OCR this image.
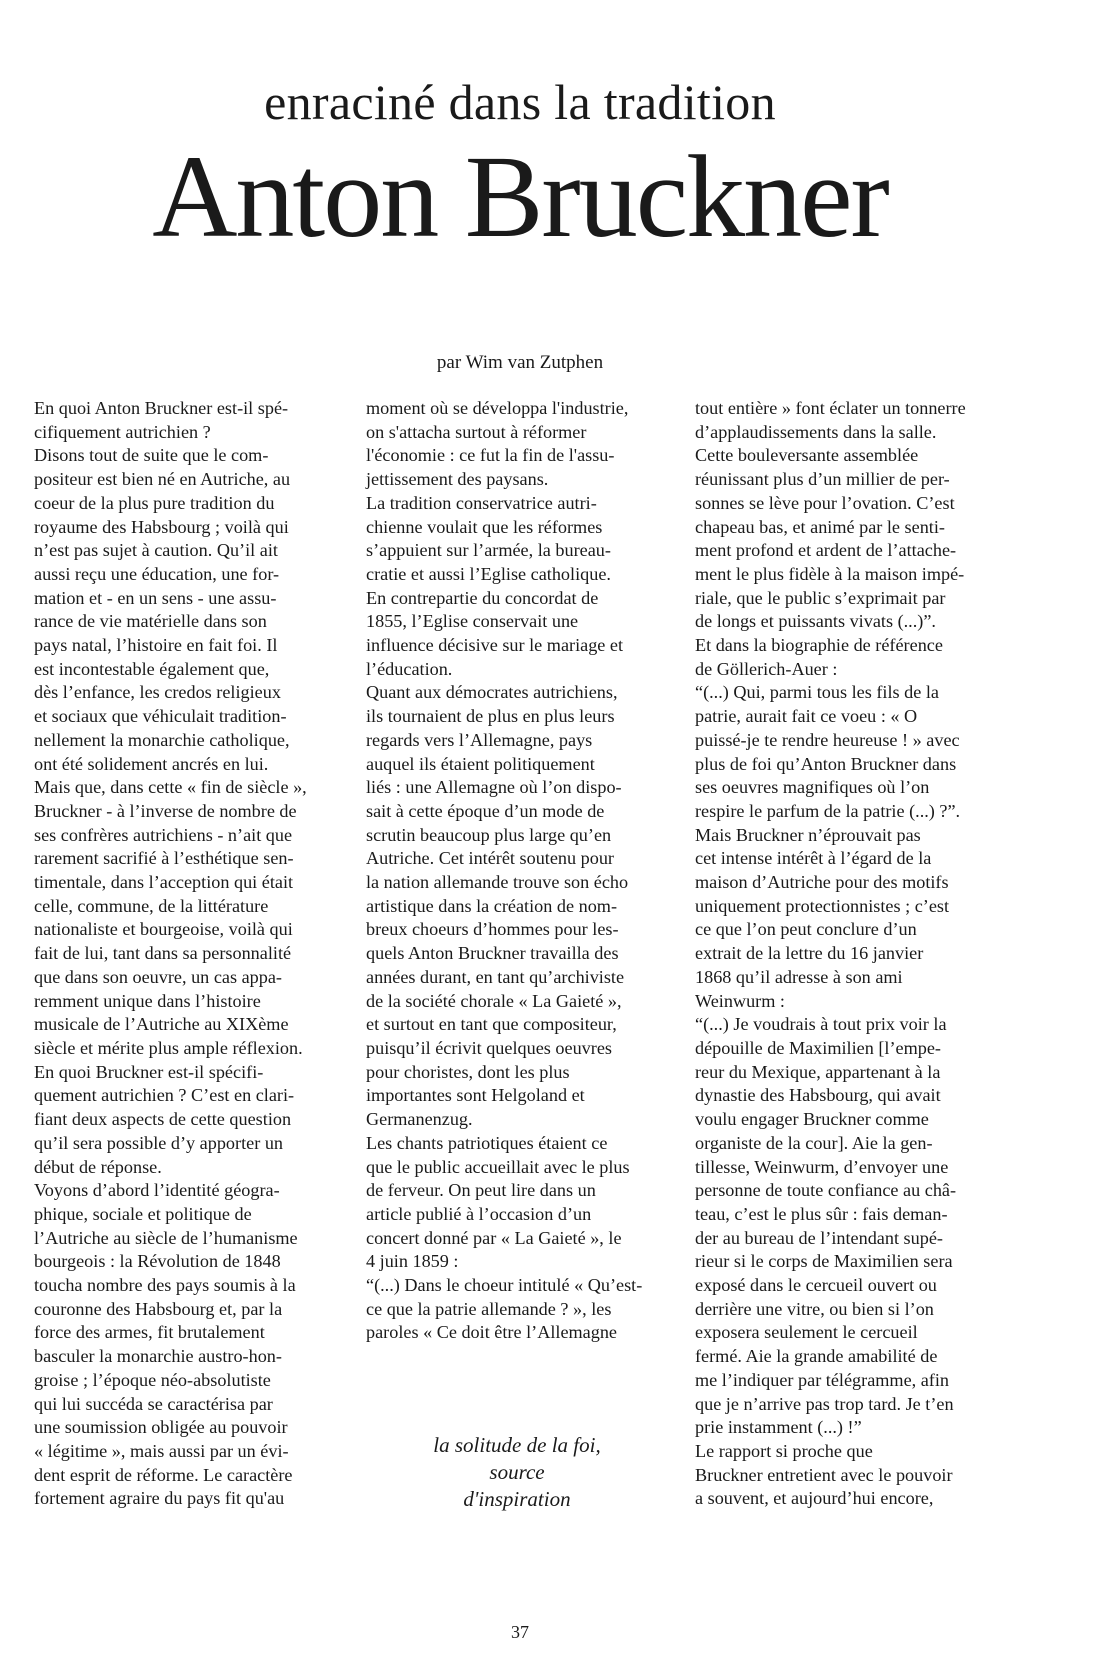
enraciné dans la tradition
Anton Bruckner
par Wim van Zutphen

En quoi Anton Bruckner est-il spé-

cifiquement autrichien ?

Disons tout de suite que le com-

positeur est bien né en Autriche, au

coeur de la plus pure tradition du

royaume des Habsbourg ; voilà qui

n’est pas sujet à caution. Qu’il ait

aussi reçu une éducation, une for-

mation et - en un sens - une assu-

rance de vie matérielle dans son

pays natal, l’histoire en fait foi. Il

est incontestable également que,

dès l’enfance, les credos religieux

et sociaux que véhiculait tradition-

nellement la monarchie catholique,

ont été solidement ancrés en lui.

Mais que, dans cette « fin de siècle »,

Bruckner - à l’inverse de nombre de

ses confrères autrichiens - n’ait que

rarement sacrifié à l’esthétique sen-

timentale, dans l’acception qui était

celle, commune, de la littérature

nationaliste et bourgeoise, voilà qui

fait de lui, tant dans sa personnalité

que dans son oeuvre, un cas appa-

remment unique dans l’histoire

musicale de l’Autriche au XIXème

siècle et mérite plus ample réflexion.

En quoi Bruckner est-il spécifi-

quement autrichien ? C’est en clari-

fiant deux aspects de cette question

qu’il sera possible d’y apporter un

début de réponse.

Voyons d’abord l’identité géogra-

phique, sociale et politique de

l’Autriche au siècle de l’humanisme

bourgeois : la Révolution de 1848

toucha nombre des pays soumis à la

couronne des Habsbourg et, par la

force des armes, fit brutalement

basculer la monarchie austro-hon-

groise ; l’époque néo-absolutiste

qui lui succéda se caractérisa par

une soumission obligée au pouvoir

« légitime », mais aussi par un évi-

dent esprit de réforme. Le caractère

fortement agraire du pays fit qu'au

moment où se développa l'industrie,

on s'attacha surtout à réformer

l'économie : ce fut la fin de l'assu-

jettissement des paysans.

La tradition conservatrice autri-

chienne voulait que les réformes

s’appuient sur l’armée, la bureau-

cratie et aussi l’Eglise catholique.

En contrepartie du concordat de

1855, l’Eglise conservait une

influence décisive sur le mariage et

l’éducation.

Quant aux démocrates autrichiens,

ils tournaient de plus en plus leurs

regards vers l’Allemagne, pays

auquel ils étaient politiquement

liés : une Allemagne où l’on dispo-

sait à cette époque d’un mode de

scrutin beaucoup plus large qu’en

Autriche. Cet intérêt soutenu pour

la nation allemande trouve son écho

artistique dans la création de nom-

breux choeurs d’hommes pour les-

quels Anton Bruckner travailla des

années durant, en tant qu’archiviste

de la société chorale « La Gaieté »,

et surtout en tant que compositeur,

puisqu’il écrivit quelques oeuvres

pour choristes, dont les plus

importantes sont Helgoland et

Germanenzug.

Les chants patriotiques étaient ce

que le public accueillait avec le plus

de ferveur. On peut lire dans un

article publié à l’occasion d’un

concert donné par « La Gaieté », le

4 juin 1859 :

“(...) Dans le choeur intitulé « Qu’est-

ce que la patrie allemande ? », les

paroles « Ce doit être l’Allemagne

tout entière » font éclater un tonnerre

d’applaudissements dans la salle.

Cette bouleversante assemblée

réunissant plus d’un millier de per-

sonnes se lève pour l’ovation. C’est

chapeau bas, et animé par le senti-

ment profond et ardent de l’attache-

ment le plus fidèle à la maison impé-

riale, que le public s’exprimait par

de longs et puissants vivats (...)”.

Et dans la biographie de référence

de Göllerich-Auer :

“(...) Qui, parmi tous les fils de la

patrie, aurait fait ce voeu : « O

puissé-je te rendre heureuse ! » avec

plus de foi qu’Anton Bruckner dans

ses oeuvres magnifiques où l’on

respire le parfum de la patrie (...) ?”.

Mais Bruckner n’éprouvait pas

cet intense intérêt à l’égard de la

maison d’Autriche pour des motifs

uniquement protectionnistes ; c’est

ce que l’on peut conclure d’un

extrait de la lettre du 16 janvier

1868 qu’il adresse à son ami

Weinwurm :

“(...) Je voudrais à tout prix voir la

dépouille de Maximilien [l’empe-

reur du Mexique, appartenant à la

dynastie des Habsbourg, qui avait

voulu engager Bruckner comme

organiste de la cour]. Aie la gen-

tillesse, Weinwurm, d’envoyer une

personne de toute confiance au châ-

teau, c’est le plus sûr : fais deman-

der au bureau de l’intendant supé-

rieur si le corps de Maximilien sera

exposé dans le cercueil ouvert ou

derrière une vitre, ou bien si l’on

exposera seulement le cercueil

fermé. Aie la grande amabilité de

me l’indiquer par télégramme, afin

que je n’arrive pas trop tard. Je t’en

prie instamment (...) !”

Le rapport si proche que

Bruckner entretient avec le pouvoir

a souvent, et aujourd’hui encore,

la solitude de la foi,
source
d'inspiration
37
